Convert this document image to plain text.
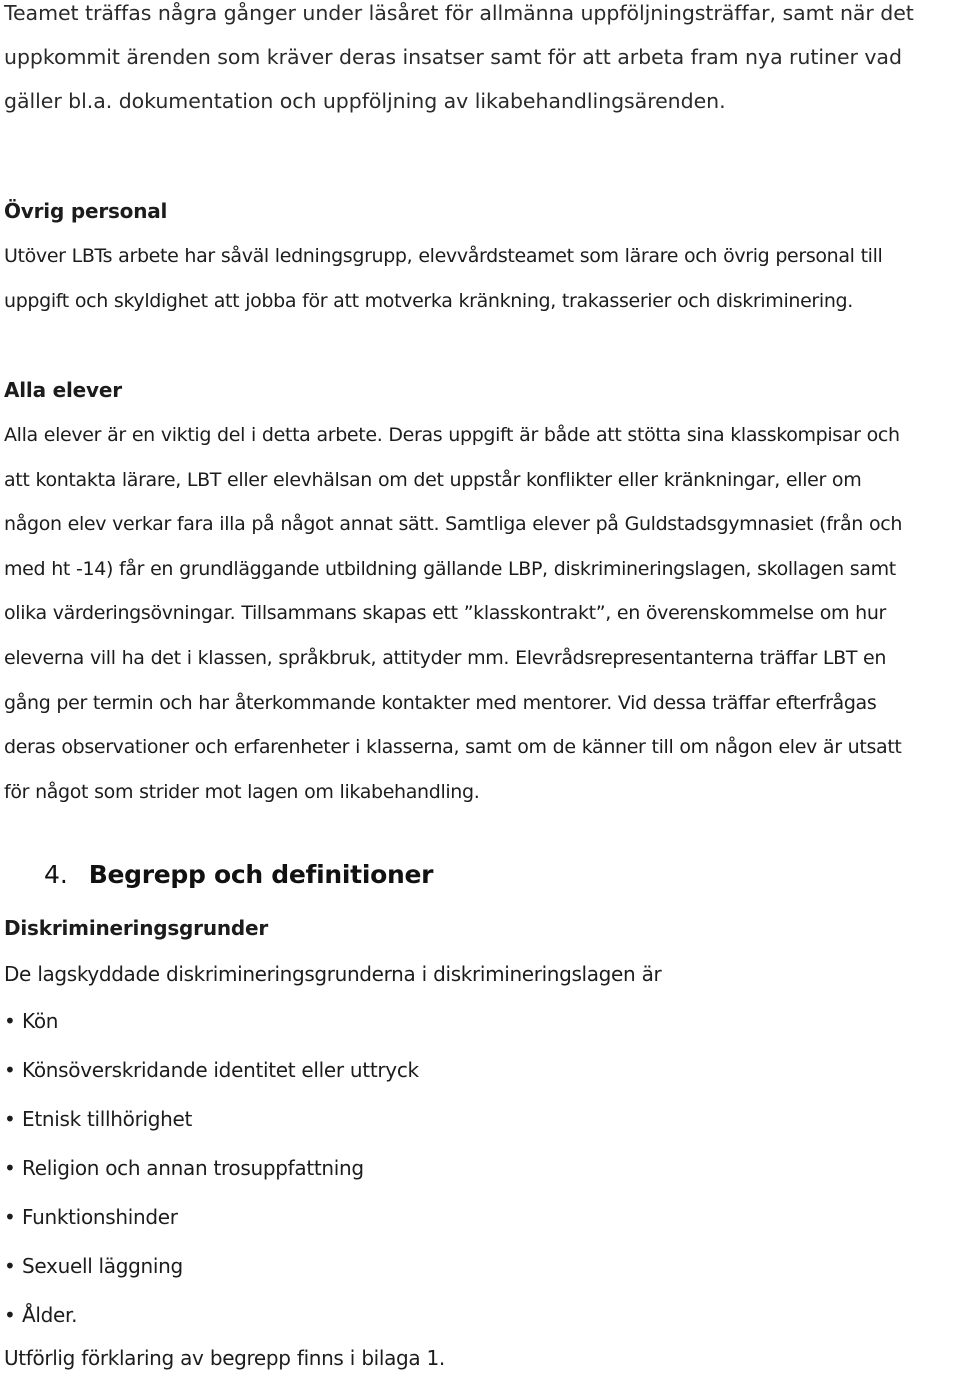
Teamet träffas några gånger under läsåret för allmänna uppföljningsträffar, samt när det
uppkommit ärenden som kräver deras insatser samt för att arbeta fram nya rutiner vad
gäller bl.a. dokumentation och uppföljning av likabehandlingsärenden.

Övrig personal

Utöver LBTs arbete har såväl ledningsgrupp, elevvårdsteamet som lärare och övrig personal till
uppgift och skyldighet att jobba för att motverka kränkning, trakasserier och diskriminering.

Alla elever

Alla elever är en viktig del i detta arbete. Deras uppgift är både att stötta sina klasskompisar och
att kontakta lärare, LBT eller elevhälsan om det uppstår konflikter eller kränkningar, eller om
någon elev verkar fara illa på något annat sätt. Samtliga elever på Guldstadsgymnasiet (från och
med ht -14) får en grundläggande utbildning gällande LBP, diskrimineringslagen, skollagen samt
olika värderingsövningar. Tillsammans skapas ett ”klasskontrakt”, en överenskommelse om hur
eleverna vill ha det i klassen, språkbruk, attityder mm. Elevrådsrepresentanterna träffar LBT en
gång per termin och har återkommande kontakter med mentorer. Vid dessa träffar efterfrågas
deras observationer och erfarenheter i klasserna, samt om de känner till om någon elev är utsatt
för något som strider mot lagen om likabehandling.

4. Begrepp och definitioner
Diskrimineringsgrunder

De lagskyddade diskrimineringsgrunderna i diskrimineringslagen är

• Kön
• Könsöverskridande identitet eller uttryck
• Etnisk tillhörighet
• Religion och annan trosuppfattning
• Funktionshinder
• Sexuell läggning
• Ålder.

Utförlig förklaring av begrepp finns i bilaga 1.
